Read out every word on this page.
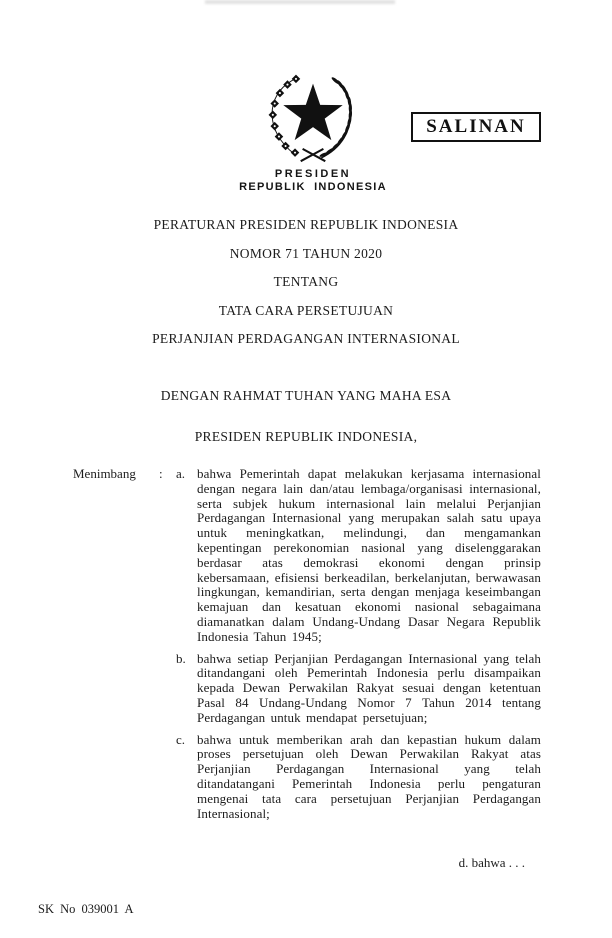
PRESIDEN
REPUBLIK INDONESIA
SALINAN
PERATURAN PRESIDEN REPUBLIK INDONESIA
NOMOR 71 TAHUN 2020
TENTANG
TATA CARA PERSETUJUAN
PERJANJIAN PERDAGANGAN INTERNASIONAL
DENGAN RAHMAT TUHAN YANG MAHA ESA
PRESIDEN REPUBLIK INDONESIA,
Menimbang	:	a. bahwa Pemerintah dapat melakukan kerjasama internasional dengan negara lain dan/atau lembaga/organisasi internasional, serta subjek hukum internasional lain melalui Perjanjian Perdagangan Internasional yang merupakan salah satu upaya untuk meningkatkan, melindungi, dan mengamankan kepentingan perekonomian nasional yang diselenggarakan berdasar atas demokrasi ekonomi dengan prinsip kebersamaan, efisiensi berkeadilan, berkelanjutan, berwawasan lingkungan, kemandirian, serta dengan menjaga keseimbangan kemajuan dan kesatuan ekonomi nasional sebagaimana diamanatkan dalam Undang-Undang Dasar Negara Republik Indonesia Tahun 1945;
b. bahwa setiap Perjanjian Perdagangan Internasional yang telah ditandangani oleh Pemerintah Indonesia perlu disampaikan kepada Dewan Perwakilan Rakyat sesuai dengan ketentuan Pasal 84 Undang-Undang Nomor 7 Tahun 2014 tentang Perdagangan untuk mendapat persetujuan;
c. bahwa untuk memberikan arah dan kepastian hukum dalam proses persetujuan oleh Dewan Perwakilan Rakyat atas Perjanjian Perdagangan Internasional yang telah ditandatangani Pemerintah Indonesia perlu pengaturan mengenai tata cara persetujuan Perjanjian Perdagangan Internasional;
d. bahwa . . .
SK No 039001 A
